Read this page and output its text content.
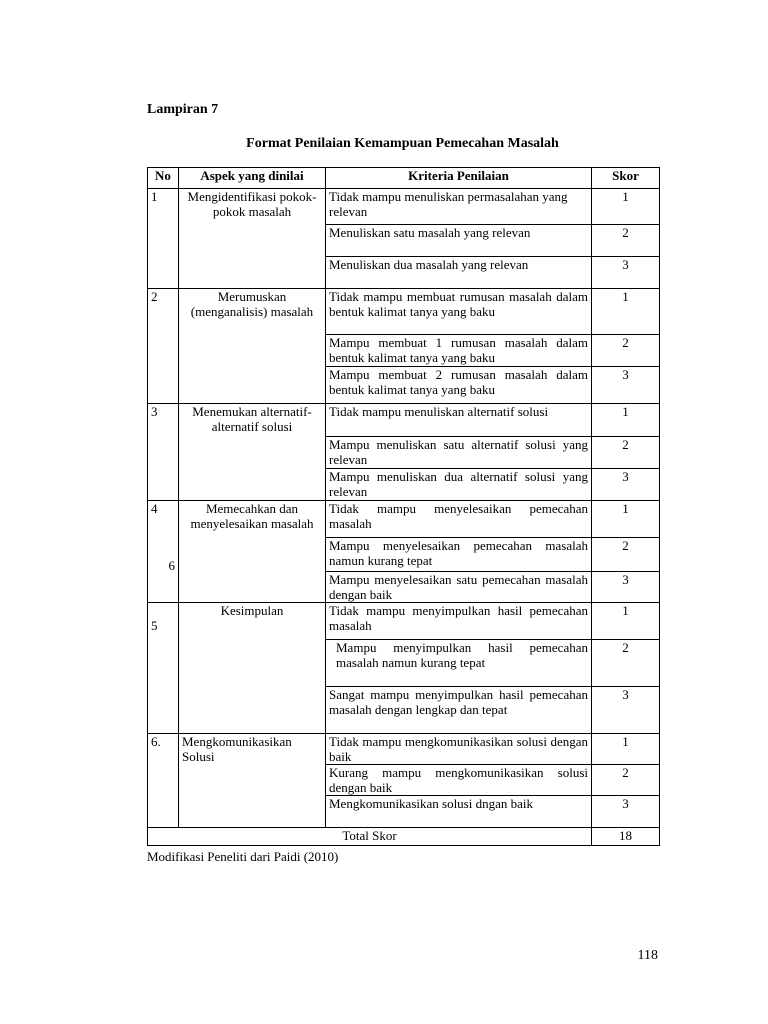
Lampiran 7
Format Penilaian Kemampuan Pemecahan Masalah
No	Aspek yang dinilai	Kriteria Penilaian	Skor
1	Mengidentifikasi pokok-pokok masalah	Tidak mampu menuliskan permasalahan yang relevan	1
		Menuliskan satu masalah yang relevan	2
		Menuliskan dua masalah yang relevan	3
2	Merumuskan (menganalisis) masalah	Tidak mampu membuat rumusan masalah dalam bentuk kalimat tanya yang baku	1
		Mampu membuat 1 rumusan masalah dalam bentuk kalimat tanya yang baku	2
		Mampu membuat 2 rumusan masalah dalam bentuk kalimat tanya yang baku	3
3	Menemukan alternatif-alternatif solusi	Tidak mampu menuliskan alternatif solusi	1
		Mampu menuliskan satu alternatif solusi yang relevan	2
		Mampu menuliskan dua alternatif solusi yang relevan	3
4	Memecahkan dan menyelesaikan masalah	Tidak mampu menyelesaikan pemecahan masalah	1
		Mampu menyelesaikan pemecahan masalah namun kurang tepat	2
		Mampu menyelesaikan satu pemecahan masalah dengan baik	3

6
5	Kesimpulan	Tidak mampu menyimpulkan hasil pemecahan masalah	1
		Mampu menyimpulkan hasil pemecahan masalah namun kurang tepat	2
		Sangat mampu menyimpulkan hasil pemecahan masalah dengan lengkap dan tepat	3
6.	Mengkomunikasikan Solusi	Tidak mampu mengkomunikasikan solusi dengan baik	1
		Kurang mampu mengkomunikasikan solusi dengan baik	2
		Mengkomunikasikan solusi dngan baik	3
Total Skor			18
Modifikasi Peneliti dari Paidi (2010)
118
